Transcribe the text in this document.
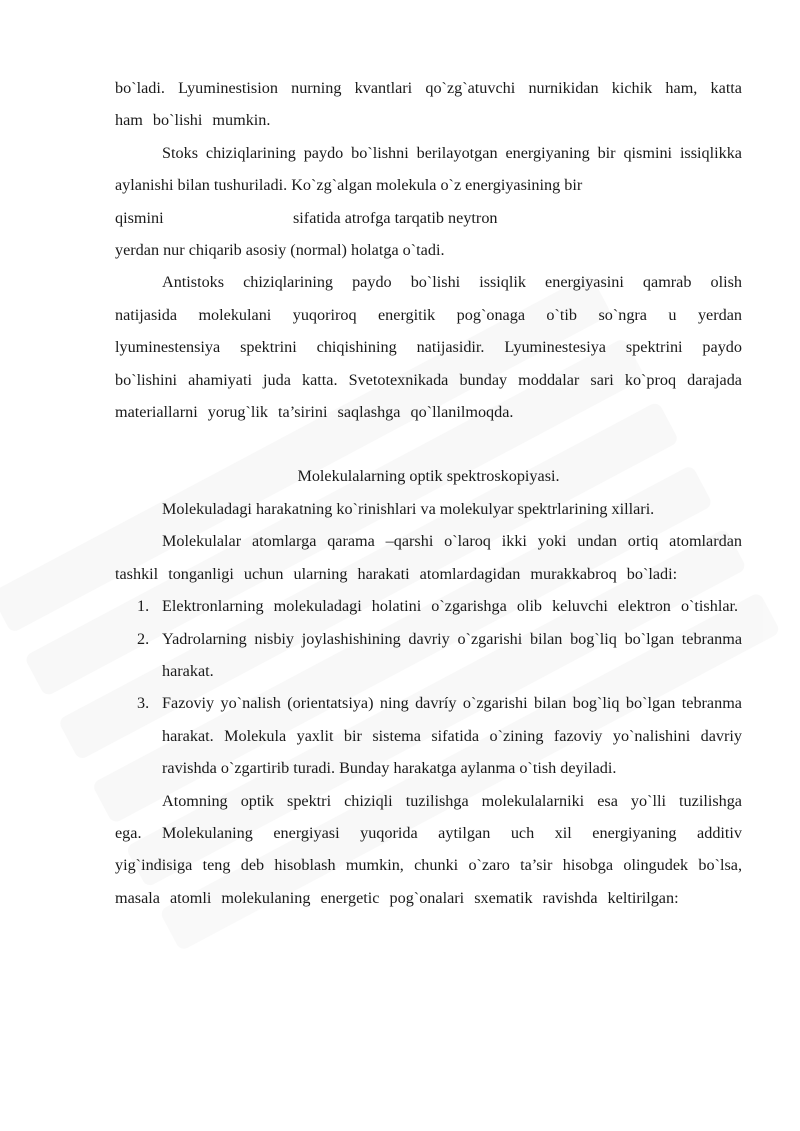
bo`ladi. Lyuminestision nurning kvantlari qo`zg`atuvchi nurnikidan kichik ham, katta ham bo`lishi mumkin.

Stoks chiziqlarining paydo bo`lishni berilayotgan energiyaning bir qismini issiqlikka aylanishi bilan tushuriladi. Ko`zg`algan molekula o`z energiyasining bir

qismini	sifatida atrofga tarqatib neytron

yerdan nur chiqarib asosiy (normal) holatga o`tadi.

Antistoks chiziqlarining paydo bo`lishi issiqlik energiyasini qamrab olish natijasida molekulani yuqoriroq energitik pog`onaga o`tib so`ngra u yerdan lyuminestensiya spektrini chiqishining natijasidir. Lyuminestesiya spektrini paydo bo`lishini ahamiyati juda katta. Svetotexnikada bunday moddalar sari ko`proq darajada materiallarni yorug`lik ta’sirini saqlashga qo`llanilmoqda.

Molekulalarning optik spektroskopiyasi.

Molekuladagi harakatning ko`rinishlari va molekulyar spektrlarining xillari.

Molekulalar atomlarga qarama –qarshi o`laroq ikki yoki undan ortiq atomlardan tashkil tonganligi uchun ularning harakati atomlardagidan murakkabroq bo`ladi:

1. Elektronlarning molekuladagi holatini o`zgarishga olib keluvchi elektron o`tishlar.
2. Yadrolarning nisbiy joylashishining davriy o`zgarishi bilan bog`liq bo`lgan tebranma harakat.
3. Fazoviy yo`nalish (orientatsiya) ning davríy o`zgarishi bilan bog`liq bo`lgan tebranma harakat. Molekula yaxlit bir sistema sifatida o`zining fazoviy yo`nalishini davriy ravishda o`zgartirib turadi. Bunday harakatga aylanma o`tish deyiladi.

Atomning optik spektri chiziqli tuzilishga molekulalarniki esa yo`lli tuzilishga ega. Molekulaning energiyasi yuqorida aytilgan uch xil energiyaning additiv yig`indisiga teng deb hisoblash mumkin, chunki o`zaro ta’sir hisobga olingudek bo`lsa, masala atomli molekulaning energetic pog`onalari sxematik ravishda keltirilgan:
